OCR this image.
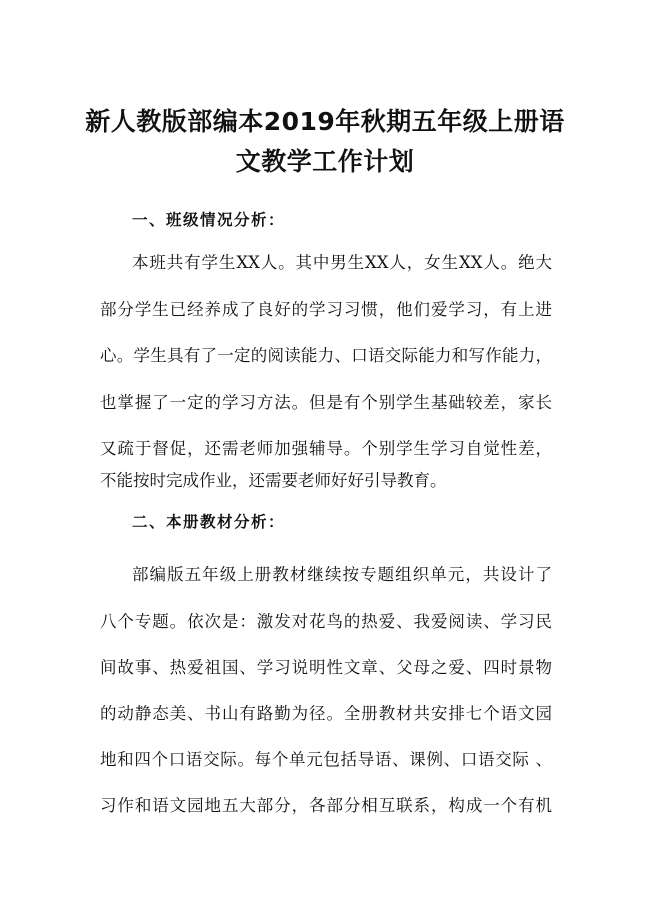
新人教版部编本2019年秋期五年级上册语
文教学工作计划
一、班级情况分析：

本班共有学生XX人。其中男生XX人，女生XX人。绝大

部分学生已经养成了良好的学习习惯，他们爱学习，有上进

心。学生具有了一定的阅读能力、口语交际能力和写作能力，

也掌握了一定的学习方法。但是有个别学生基础较差，家长

又疏于督促，还需老师加强辅导。个别学生学习自觉性差，

不能按时完成作业，还需要老师好好引导教育。

二、本册教材分析：

部编版五年级上册教材继续按专题组织单元，共设计了

八个专题。依次是：激发对花鸟的热爱、我爱阅读、学习民

间故事、热爱祖国、学习说明性文章、父母之爱、四时景物

的动静态美、书山有路勤为径。全册教材共安排七个语文园

地和四个口语交际。每个单元包括导语、课例、口语交际 、

习作和语文园地五大部分，各部分相互联系，构成一个有机
